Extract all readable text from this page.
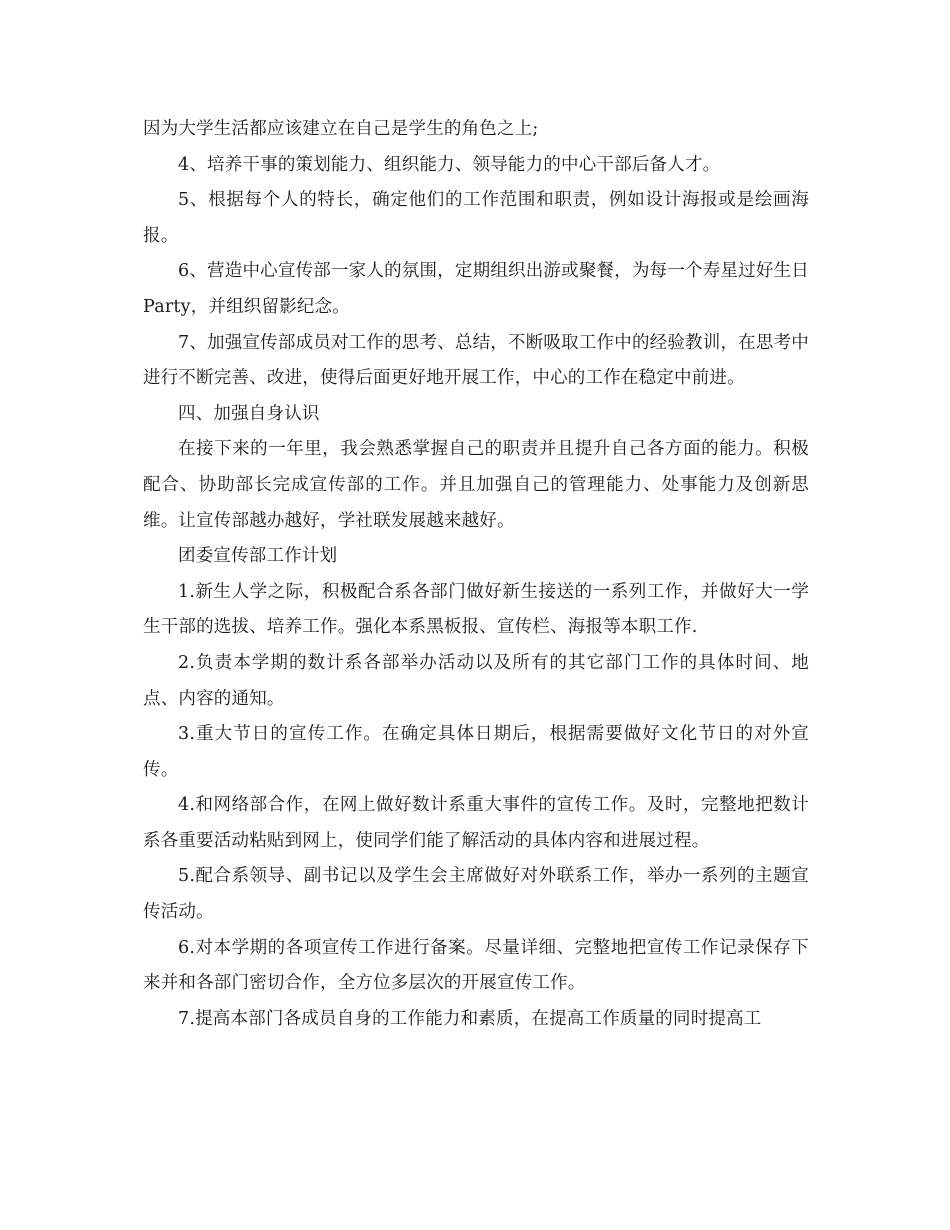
因为大学生活都应该建立在自己是学生的角色之上;

4、培养干事的策划能力、组织能力、领导能力的中心干部后备人才。

5、根据每个人的特长，确定他们的工作范围和职责，例如设计海报或是绘画海报。

6、营造中心宣传部一家人的氛围，定期组织出游或聚餐，为每一个寿星过好生日Party，并组织留影纪念。

7、加强宣传部成员对工作的思考、总结，不断吸取工作中的经验教训，在思考中进行不断完善、改进，使得后面更好地开展工作，中心的工作在稳定中前进。

四、加强自身认识

在接下来的一年里，我会熟悉掌握自己的职责并且提升自己各方面的能力。积极配合、协助部长完成宣传部的工作。并且加强自己的管理能力、处事能力及创新思维。让宣传部越办越好，学社联发展越来越好。

团委宣传部工作计划

1.新生人学之际，积极配合系各部门做好新生接送的一系列工作，并做好大一学生干部的选拔、培养工作。强化本系黑板报、宣传栏、海报等本职工作.

2.负责本学期的数计系各部举办活动以及所有的其它部门工作的具体时间、地点、内容的通知。

3.重大节日的宣传工作。在确定具体日期后，根据需要做好文化节日的对外宣传。

4.和网络部合作，在网上做好数计系重大事件的宣传工作。及时，完整地把数计系各重要活动粘贴到网上，使同学们能了解活动的具体内容和进展过程。

5.配合系领导、副书记以及学生会主席做好对外联系工作，举办一系列的主题宣传活动。

6.对本学期的各项宣传工作进行备案。尽量详细、完整地把宣传工作记录保存下来并和各部门密切合作，全方位多层次的开展宣传工作。

7.提高本部门各成员自身的工作能力和素质，在提高工作质量的同时提高工
